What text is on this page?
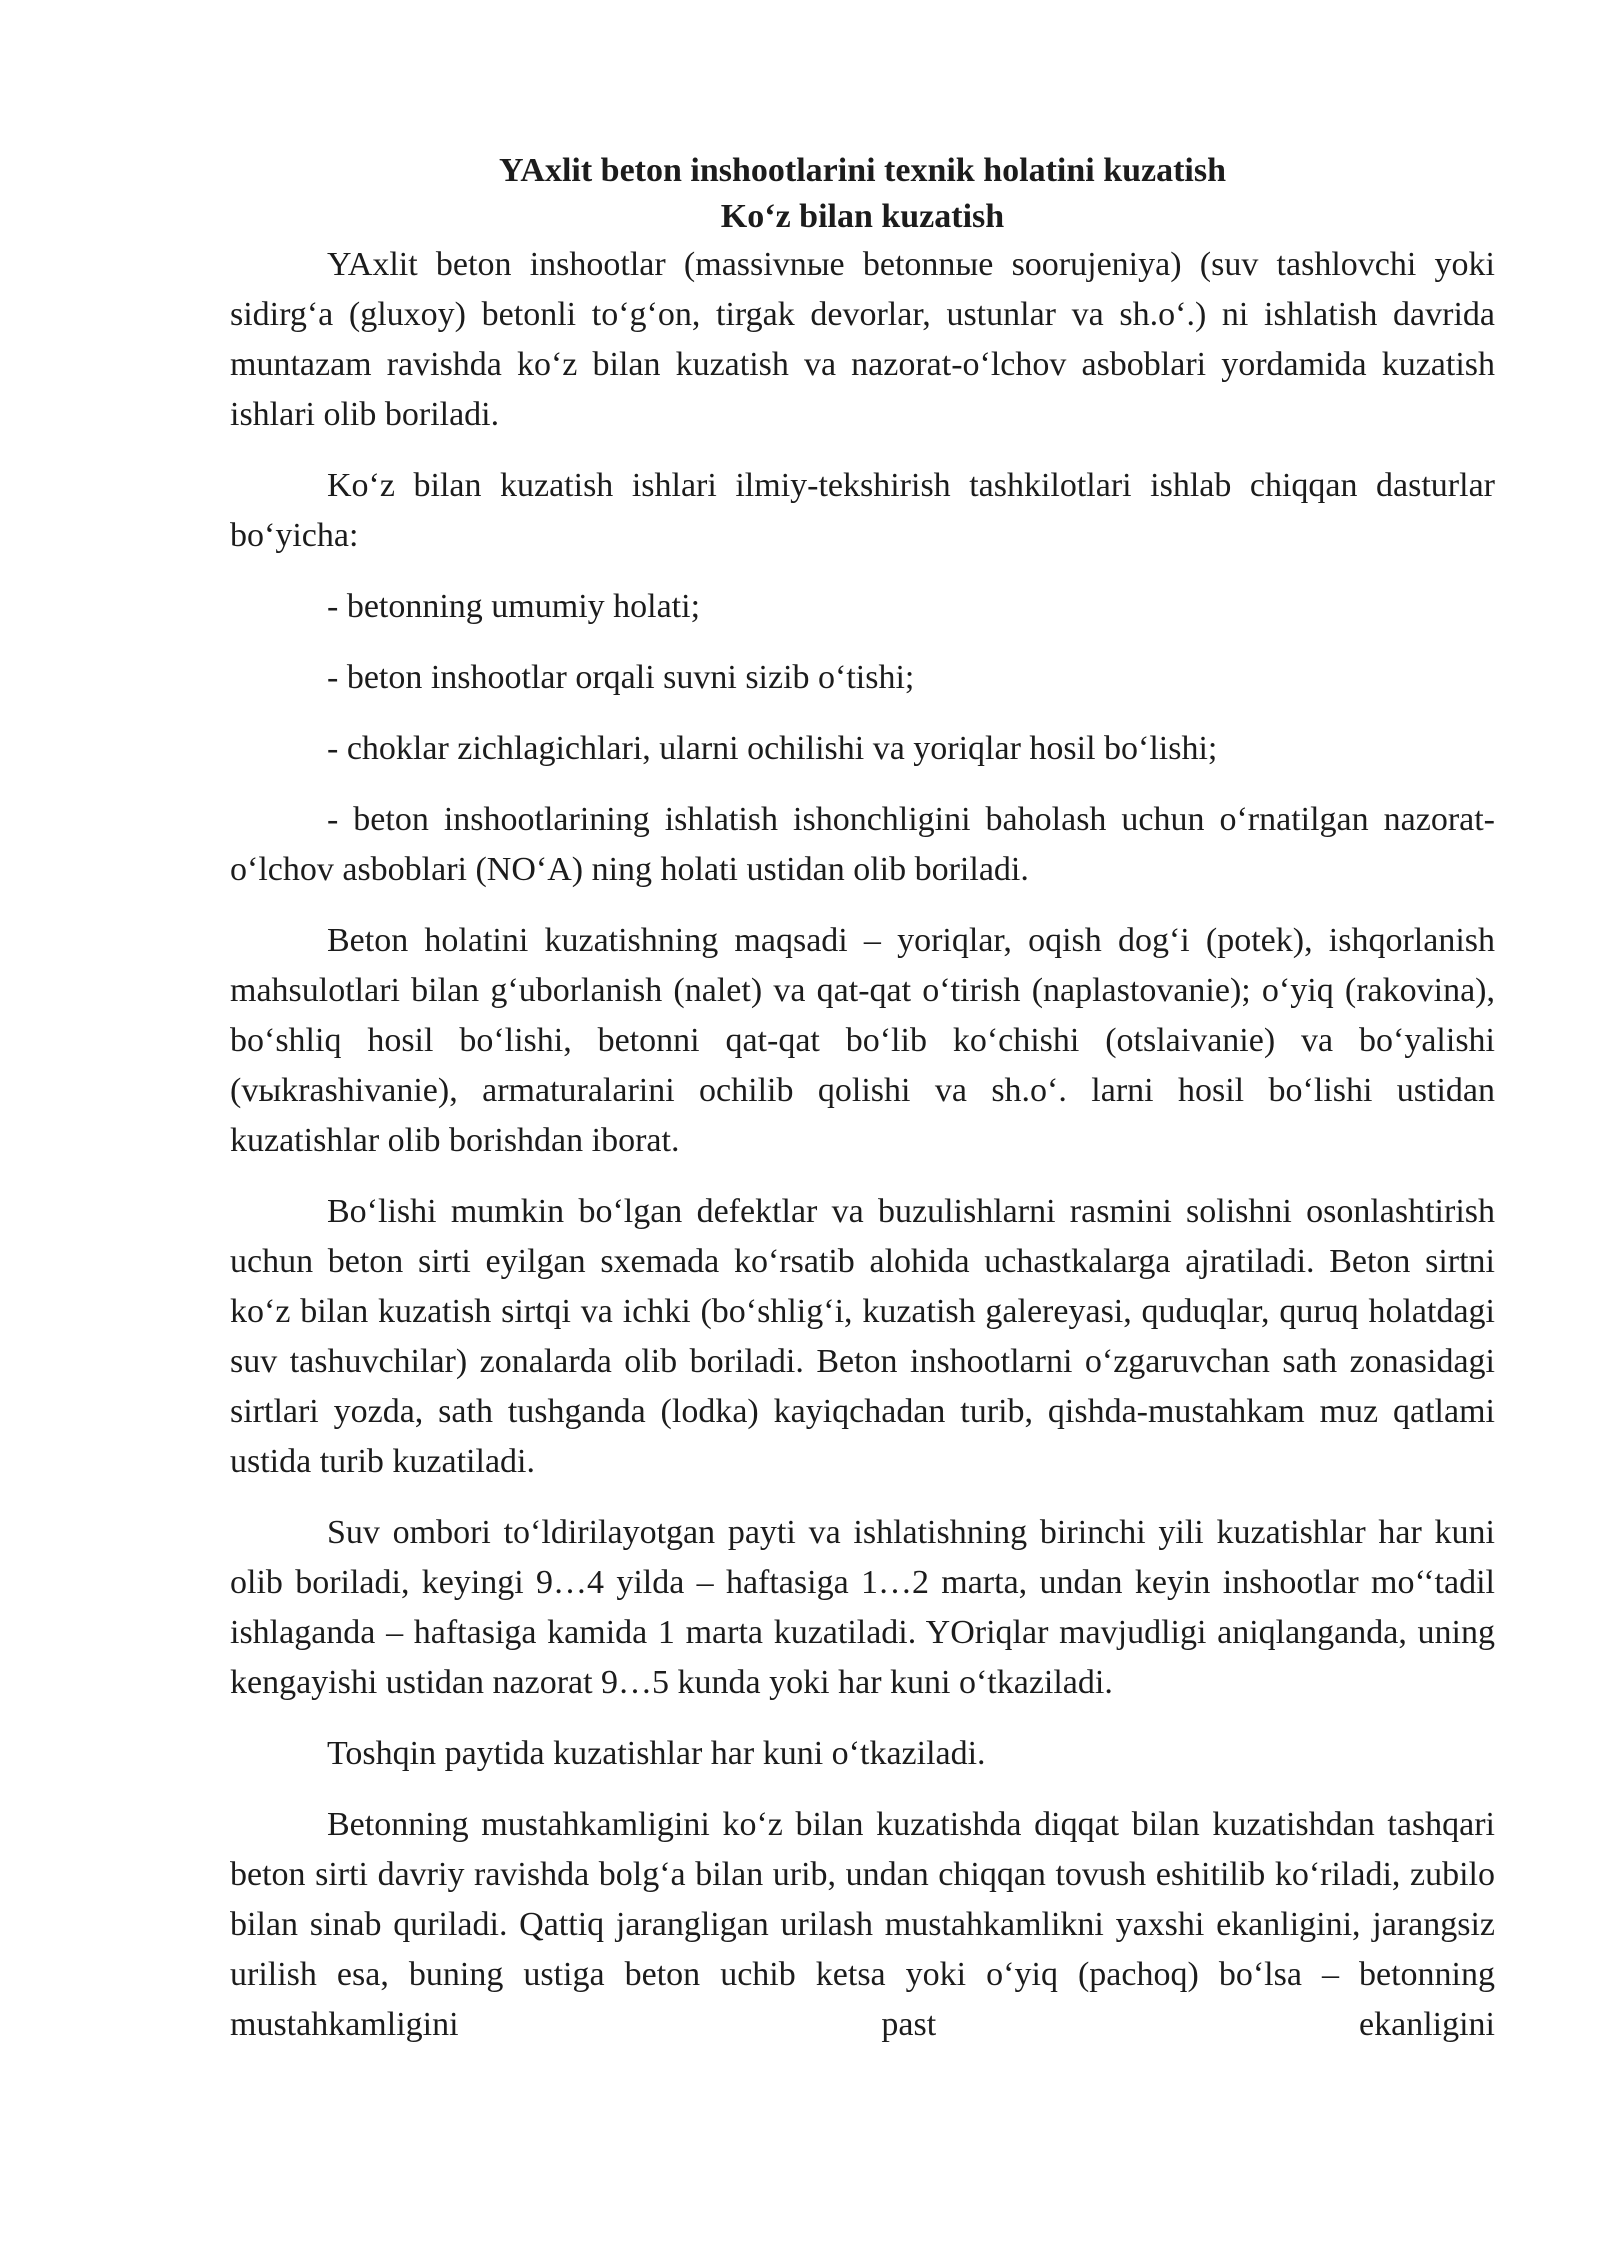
YAxlit beton inshootlarini texnik holatini kuzatish

Ko‘z bilan kuzatish

YAxlit beton inshootlar (massivnыe betonnыe soorujeniya) (suv tashlovchi yoki sidirg‘a (gluxoy) betonli to‘g‘on, tirgak devorlar, ustunlar va sh.o‘.) ni ishlatish davrida muntazam ravishda ko‘z bilan kuzatish va nazorat-o‘lchov asboblari yordamida kuzatish ishlari olib boriladi.

Ko‘z bilan kuzatish ishlari ilmiy-tekshirish tashkilotlari ishlab chiqqan dasturlar bo‘yicha:

- betonning umumiy holati;

- beton inshootlar orqali suvni sizib o‘tishi;

- choklar zichlagichlari, ularni ochilishi va yoriqlar hosil bo‘lishi;

- beton inshootlarining ishlatish ishonchligini baholash uchun o‘rnatilgan nazorat-o‘lchov asboblari (NO‘A) ning holati ustidan olib boriladi.

Beton holatini kuzatishning maqsadi – yoriqlar, oqish dog‘i (potek), ishqorlanish mahsulotlari bilan g‘uborlanish (nalet) va qat-qat o‘tirish (naplastovanie); o‘yiq (rakovina), bo‘shliq hosil bo‘lishi, betonni qat-qat bo‘lib ko‘chishi (otslaivanie) va bo‘yalishi (vыkrashivanie), armaturalarini ochilib qolishi va sh.o‘. larni hosil bo‘lishi ustidan kuzatishlar olib borishdan iborat.

Bo‘lishi mumkin bo‘lgan defektlar va buzulishlarni rasmini solishni osonlashtirish uchun beton sirti eyilgan sxemada ko‘rsatib alohida uchastkalarga ajratiladi. Beton sirtni ko‘z bilan kuzatish sirtqi va ichki (bo‘shlig‘i, kuzatish galereyasi, quduqlar, quruq holatdagi suv tashuvchilar) zonalarda olib boriladi. Beton inshootlarni o‘zgaruvchan sath zonasidagi sirtlari yozda, sath tushganda (lodka) kayiqchadan turib, qishda-mustahkam muz qatlami ustida turib kuzatiladi.

Suv ombori to‘ldirilayotgan payti va ishlatishning birinchi yili kuzatishlar har kuni olib boriladi, keyingi 9…4 yilda – haftasiga 1…2 marta, undan keyin inshootlar mo‘‘tadil ishlaganda – haftasiga kamida 1 marta kuzatiladi. YOriqlar mavjudligi aniqlanganda, uning kengayishi ustidan nazorat 9…5 kunda yoki har kuni o‘tkaziladi.

Toshqin paytida kuzatishlar har kuni o‘tkaziladi.

Betonning mustahkamligini ko‘z bilan kuzatishda diqqat bilan kuzatishdan tashqari beton sirti davriy ravishda bolg‘a bilan urib, undan chiqqan tovush eshitilib ko‘riladi, zubilo bilan sinab quriladi. Qattiq jarangligan urilash mustahkamlikni yaxshi ekanligini, jarangsiz urilish esa, buning ustiga beton uchib ketsa yoki o‘yiq (pachoq) bo‘lsa – betonning mustahkamligini past ekanligini
